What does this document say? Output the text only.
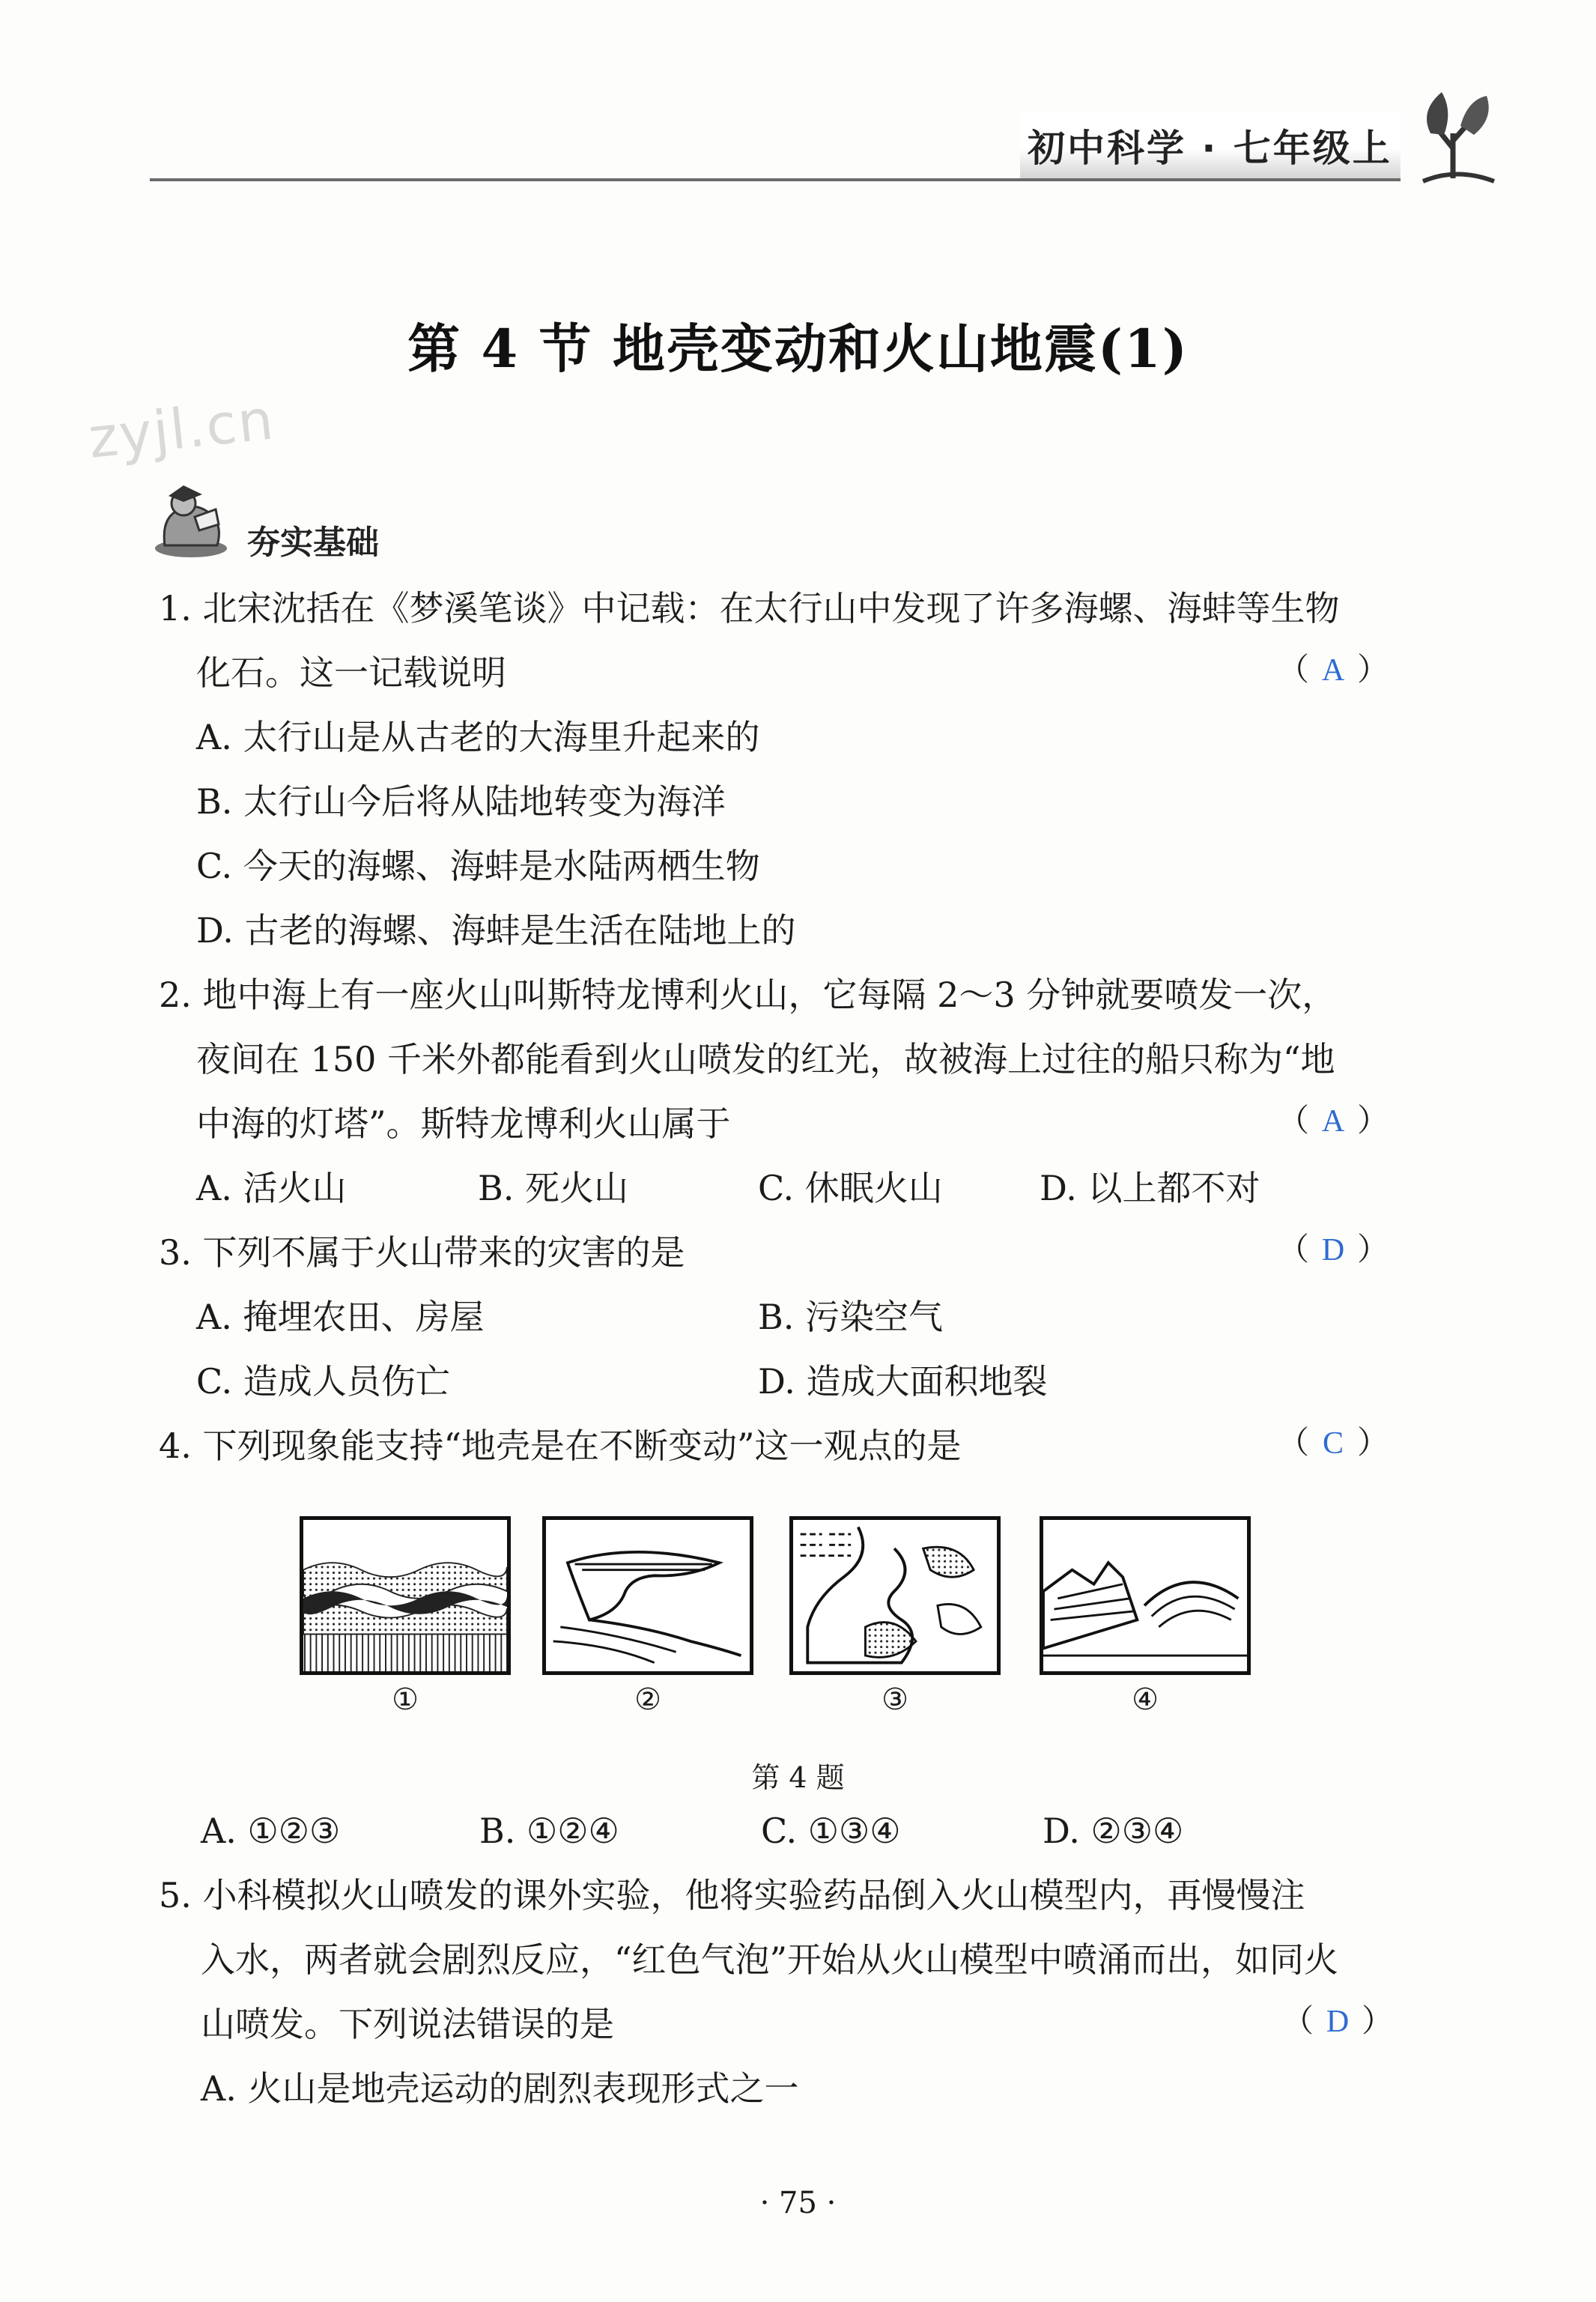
初中科学 · 七年级上
第 4 节 地壳变动和火山地震(1)
zyjl.cn
夯实基础
1. 北宋沈括在《梦溪笔谈》中记载：在太行山中发现了许多海螺、海蚌等生物
化石。这一记载说明	（ A ）
A. 太行山是从古老的大海里升起来的
B. 太行山今后将从陆地转变为海洋
C. 今天的海螺、海蚌是水陆两栖生物
D. 古老的海螺、海蚌是生活在陆地上的
2. 地中海上有一座火山叫斯特龙博利火山，它每隔 2～3 分钟就要喷发一次，
夜间在 150 千米外都能看到火山喷发的红光，故被海上过往的船只称为“地
中海的灯塔”。斯特龙博利火山属于	（ A ）
A. 活火山	B. 死火山	C. 休眠火山	D. 以上都不对
3. 下列不属于火山带来的灾害的是	（ D ）
A. 掩埋农田、房屋	B. 污染空气
C. 造成人员伤亡	D. 造成大面积地裂
4. 下列现象能支持“地壳是在不断变动”这一观点的是	（ C ）
①	②	③	④
第 4 题
A. ①②③	B. ①②④	C. ①③④	D. ②③④
5. 小科模拟火山喷发的课外实验，他将实验药品倒入火山模型内，再慢慢注
入水，两者就会剧烈反应，“红色气泡”开始从火山模型中喷涌而出，如同火
山喷发。下列说法错误的是	（ D ）
A. 火山是地壳运动的剧烈表现形式之一
· 75 ·
